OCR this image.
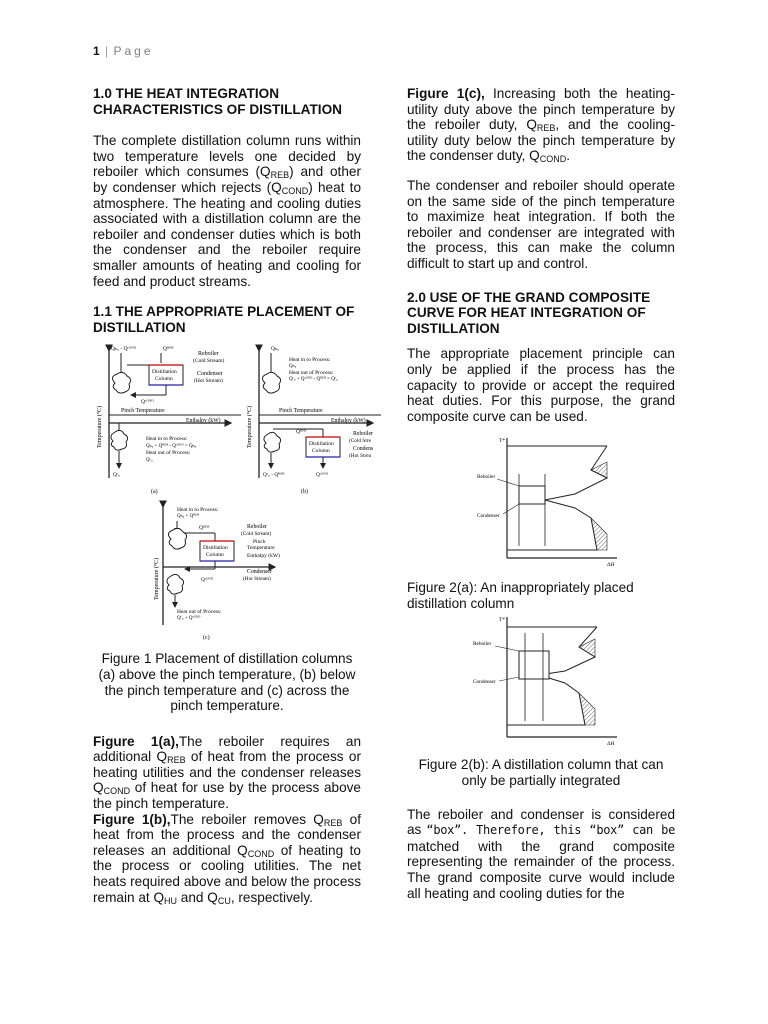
1 | Page
1.0 THE HEAT INTEGRATION CHARACTERISTICS OF DISTILLATION

The complete distillation column runs within two temperature levels one decided by reboiler which consumes $(Q_{REB})$ and other by condenser which rejects $(Q_{COND})$ heat to atmosphere. The heating and cooling duties associated with a distillation column are the reboiler and condenser duties which is both the condenser and the reboiler require smaller amounts of heating and cooling for feed and product streams.

1.1 THE APPROPRIATE PLACEMENT OF DISTILLATION
Temperature (°C)
Qₕᵤ - Qᶜᴼᴺᴰ	Qᴿᴱᴮ
Distillation
Column
Reboiler
(Cold Stream)
Condenser
(Hot Stream)
Qᶜᴼᴺᴰ
Pinch Temperature
Enthalpy (kW)
Qᶜᵤ
Heat in to Process:
Qₕᵤ + Qᴿᴱᴮ - Qᶜᴼᴺᴰ = Qₕᵤ
Heat out of Process:
Qᶜᵤ
(a)
Temperature (°C)
Qₕᵤ
Heat in to Process:
Qₕᵤ
Heat out of Process:
Qᶜᵤ + Qᶜᴼᴺᴰ - Qᴿᴱᴮ = Qᶜᵤ
Pinch Temperature
Enthalpy (kW)
Qᴿᴱᴮ
Distillation
Column
Reboiler
(Cold Stre
Condens
(Hot Strea
Qᶜᵤ - Qᴿᴱᴮ	Qᶜᴼᴺᴰ
(b)
Temperature (°C)
Heat in to Process:
Qₕᵤ + Qᴿᴱᴮ
Qᴿᴱᴮ
Distillation
Column
Reboiler
(Cold Stream)
Pinch
Temperature
Enthalpy (kW)
Condenser
(Hot Stream)
Qᶜᴼᴺᴰ
Heat out of Process:
Qᶜᵤ + Qᶜᴼᴺᴰ
(c)

Figure 1 Placement of distillation columns (a) above the pinch temperature, (b) below the pinch temperature and (c) across the pinch temperature.

Figure 1(a),The reboiler requires an additional $Q_{REB}$ of heat from the process or heating utilities and the condenser releases $Q_{COND}$ of heat for use by the process above the pinch temperature.

Figure 1(b),The reboiler removes $Q_{REB}$ of heat from the process and the condenser releases an additional $Q_{COND}$ of heating to the process or cooling utilities. The net heats required above and below the process remain at $Q_{HU}$ and $Q_{CU}$, respectively.

Figure 1(c), Increasing both the heating-utility duty above the pinch temperature by the reboiler duty, $Q_{REB}$, and the cooling-utility duty below the pinch temperature by the condenser duty, $Q_{COND}$.

The condenser and reboiler should operate on the same side of the pinch temperature to maximize heat integration. If both the reboiler and condenser are integrated with the process, this can make the column difficult to start up and control.

2.0 USE OF THE GRAND COMPOSITE CURVE FOR HEAT INTEGRATION OF DISTILLATION

The appropriate placement principle can only be applied if the process has the capacity to provide or accept the required heat duties. For this purpose, the grand composite curve can be used.

T*
ΔH
Reboiler
Condenser

Figure 2(a): An inappropriately placed distillation column

T*
ΔH
Reboiler
Condenser

Figure 2(b): A distillation column that can only be partially integrated

The reboiler and condenser is considered as “box”. Therefore, this “box” can be matched with the grand composite representing the remainder of the process. The grand composite curve would include all heating and cooling duties for the
